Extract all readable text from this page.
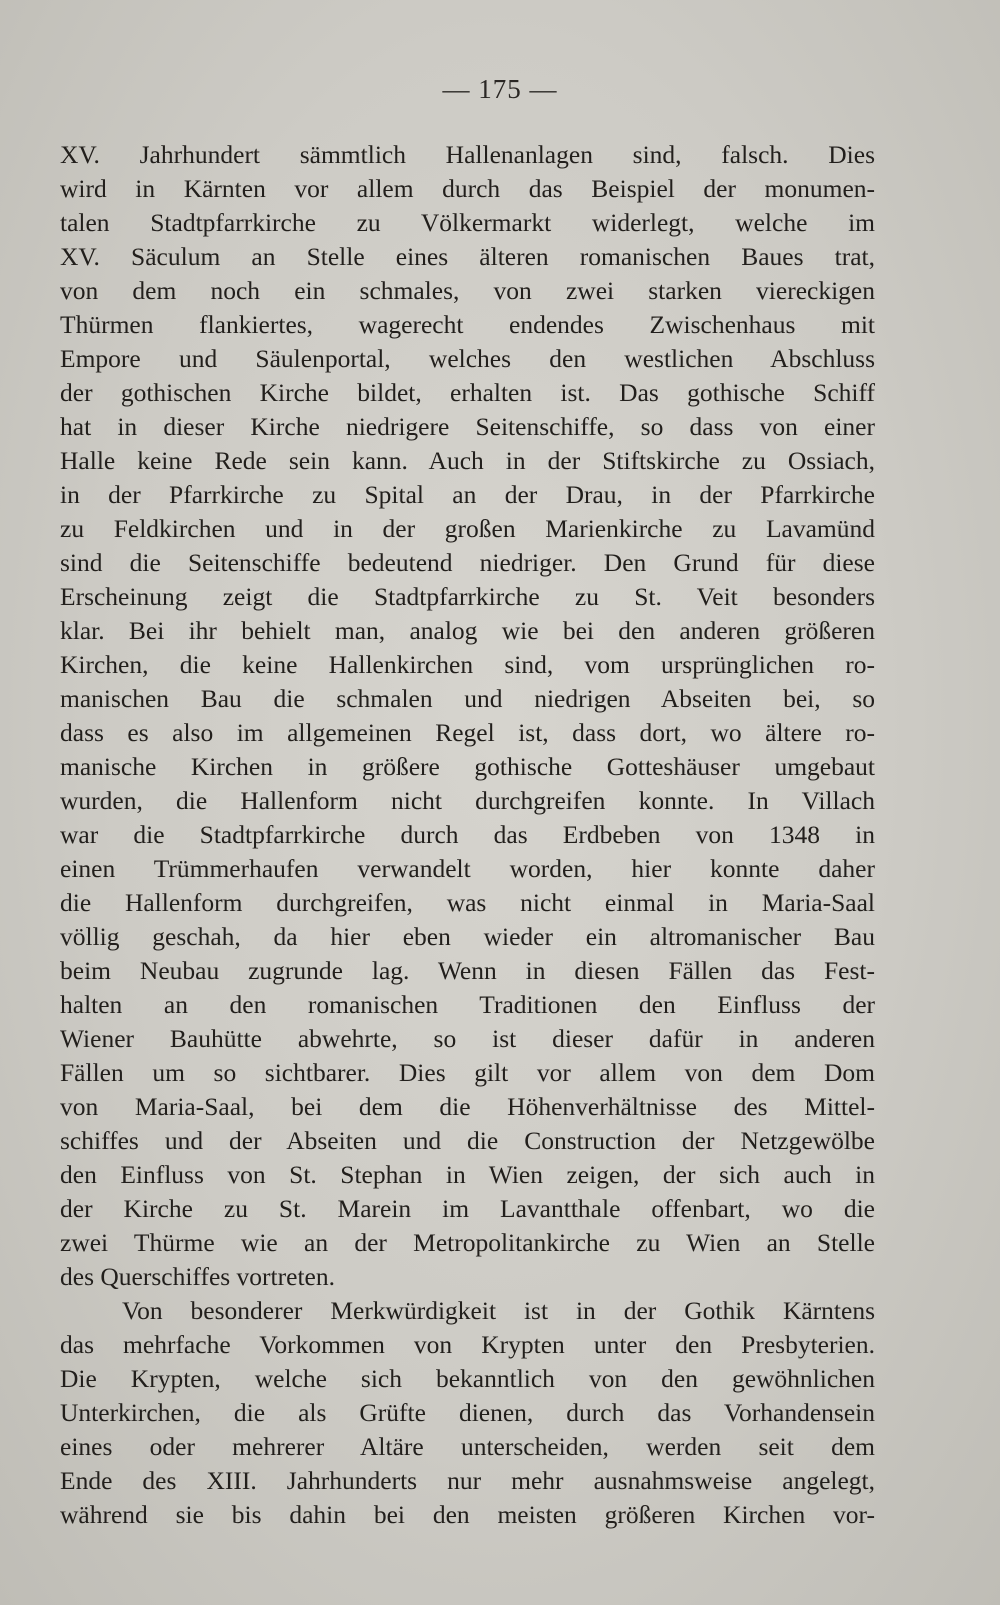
— 175 —
XV. Jahrhundert sämmtlich Hallenanlagen sind, falsch. Dies
wird in Kärnten vor allem durch das Beispiel der monumen-
talen Stadtpfarrkirche zu Völkermarkt widerlegt, welche im
XV. Säculum an Stelle eines älteren romanischen Baues trat,
von dem noch ein schmales, von zwei starken viereckigen
Thürmen flankiertes, wagerecht endendes Zwischenhaus mit
Empore und Säulenportal, welches den westlichen Abschluss
der gothischen Kirche bildet, erhalten ist. Das gothische Schiff
hat in dieser Kirche niedrigere Seitenschiffe, so dass von einer
Halle keine Rede sein kann. Auch in der Stiftskirche zu Ossiach,
in der Pfarrkirche zu Spital an der Drau, in der Pfarrkirche
zu Feldkirchen und in der großen Marienkirche zu Lavamünd
sind die Seitenschiffe bedeutend niedriger. Den Grund für diese
Erscheinung zeigt die Stadtpfarrkirche zu St. Veit besonders
klar. Bei ihr behielt man, analog wie bei den anderen größeren
Kirchen, die keine Hallenkirchen sind, vom ursprünglichen ro-
manischen Bau die schmalen und niedrigen Abseiten bei, so
dass es also im allgemeinen Regel ist, dass dort, wo ältere ro-
manische Kirchen in größere gothische Gotteshäuser umgebaut
wurden, die Hallenform nicht durchgreifen konnte. In Villach
war die Stadtpfarrkirche durch das Erdbeben von 1348 in
einen Trümmerhaufen verwandelt worden, hier konnte daher
die Hallenform durchgreifen, was nicht einmal in Maria-Saal
völlig geschah, da hier eben wieder ein altromanischer Bau
beim Neubau zugrunde lag. Wenn in diesen Fällen das Fest-
halten an den romanischen Traditionen den Einfluss der
Wiener Bauhütte abwehrte, so ist dieser dafür in anderen
Fällen um so sichtbarer. Dies gilt vor allem von dem Dom
von Maria-Saal, bei dem die Höhenverhältnisse des Mittel-
schiffes und der Abseiten und die Construction der Netzgewölbe
den Einfluss von St. Stephan in Wien zeigen, der sich auch in
der Kirche zu St. Marein im Lavantthale offenbart, wo die
zwei Thürme wie an der Metropolitankirche zu Wien an Stelle
des Querschiffes vortreten.
Von besonderer Merkwürdigkeit ist in der Gothik Kärntens
das mehrfache Vorkommen von Krypten unter den Presbyterien.
Die Krypten, welche sich bekanntlich von den gewöhnlichen
Unterkirchen, die als Grüfte dienen, durch das Vorhandensein
eines oder mehrerer Altäre unterscheiden, werden seit dem
Ende des XIII. Jahrhunderts nur mehr ausnahmsweise angelegt,
während sie bis dahin bei den meisten größeren Kirchen vor-
